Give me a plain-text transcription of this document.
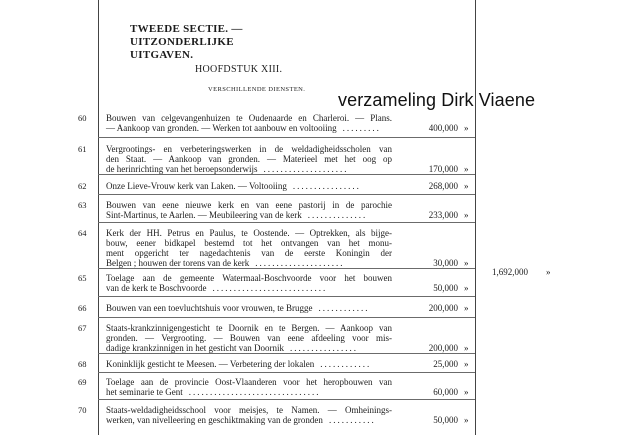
TWEEDE SECTIE. — UITZONDERLIJKE
UITGAVEN.
HOOFDSTUK XIII.
VERSCHILLENDE DIENSTEN.
verzameling Dirk Viaene
60	Bouwen van celgevangenhuizen te Oudenaarde en Charleroi. — Plans.
— Aankoop van gronden. — Werken tot aanbouw en voltooiing .........	400,000 »
61	Vergrootings- en verbeteringswerken in de weldadigheidsscholen van
den Staat. — Aankoop van gronden. — Materieel met het oog op
de herinrichting van het beroepsonderwijs ....................	170,000 »
62	Onze Lieve-Vrouw kerk van Laken. — Voltooiing ................	268,000 »
63	Bouwen van eene nieuwe kerk en van eene pastorij in de parochie
Sint-Martinus, te Aarlen. — Meubileering van de kerk ..............	233,000 »
64	Kerk der HH. Petrus en Paulus, te Oostende. — Optrekken, als bijge-
bouw, eener bidkapel bestemd tot het ontvangen van het monu-
ment opgericht ter nagedachtenis van de eerste Koningin der
Belgen ; houwen der torens van de kerk .....................	30,000 »
65	Toelage aan de gemeente Watermaal-Boschvoorde voor het bouwen
van de kerk te Boschvoorde ...........................	50,000 »
66	Bouwen van een toevluchtshuis voor vrouwen, te Brugge ............	200,000 »
67	Staats-krankzinnigengesticht te Doornik en te Bergen. — Aankoop van
gronden. — Vergrooting. — Bouwen van eene afdeeling voor mis-
dadige krankzinnigen in het gesticht van Doornik ................	200,000 »
68	Koninklijk gesticht te Meesen. — Verbetering der lokalen ............	25,000 »
69	Toelage aan de provincie Oost-Vlaanderen voor het heropbouwen van
het seminarie te Gent ...............................	60,000 »
70	Staats-weldadigheidsschool voor meisjes, te Namen. — Omheinings-
werken, van nivelleering en geschiktmaking van de gronden ...........	50,000 »
1,692,000 »
